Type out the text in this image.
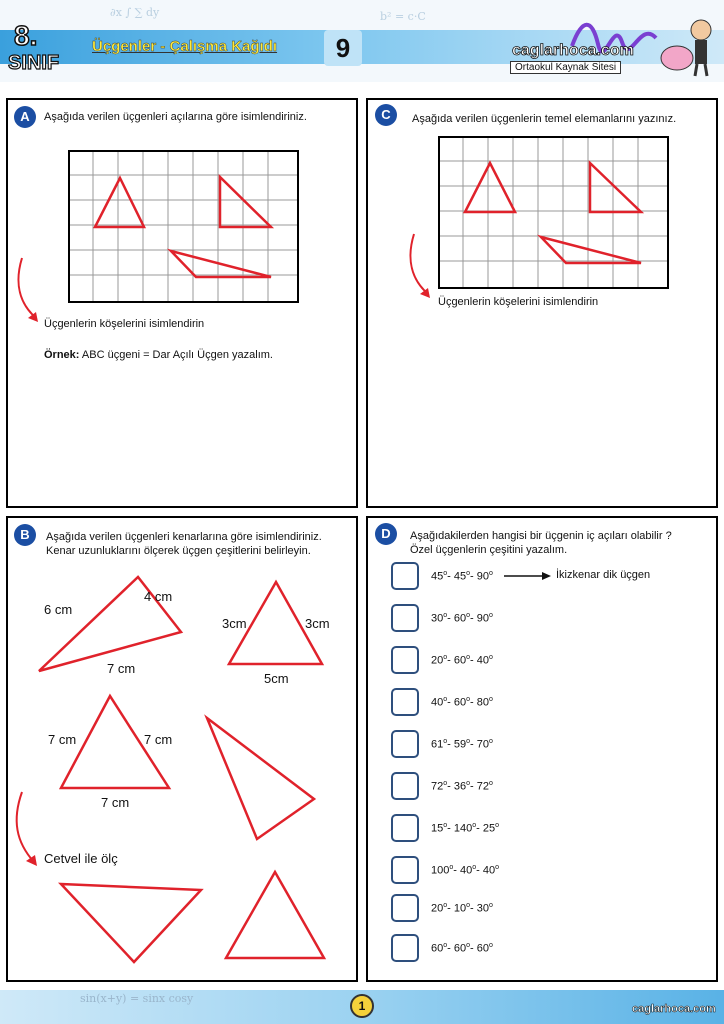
∂x ∫ ∑ dy	b² = c·C
8.
SINIF
Üçgenler - Çalışma Kağıdı	9	caglarhoca.com
Ortaokul Kaynak Sitesi
A	Aşağıda verilen üçgenleri açılarına göre isimlendiriniz.
Üçgenlerin köşelerini isimlendirin
Örnek: ABC üçgeni = Dar Açılı Üçgen yazalım.
C	Aşağıda verilen üçgenlerin temel elemanlarını yazınız.
Üçgenlerin köşelerini isimlendirin
B	Aşağıda verilen üçgenleri kenarlarına göre isimlendiriniz.
Kenar uzunluklarını ölçerek üçgen çeşitlerini belirleyin.
6 cm
4 cm
7 cm
3cm	3cm
5cm
7 cm	7 cm
7 cm
Cetvel ile ölç
D	Aşağıdakilerden hangisi bir üçgenin iç açıları olabilir ?
Özel üçgenlerin çeşitini yazalım.
45$^o$- 45$^o$- 90$^o$
30$^o$- 60$^o$- 90$^o$
20$^o$- 60$^o$- 40$^o$
40$^o$- 60$^o$- 80$^o$
61$^o$- 59$^o$- 70$^o$
72$^o$- 36$^o$- 72$^o$
15$^o$- 140$^o$- 25$^o$
100$^o$- 40$^o$- 40$^o$
20$^o$- 10$^o$- 30$^o$
60$^o$- 60$^o$- 60$^o$
İkizkenar dik üçgen
sin(x+y) = sinx cosy
1	caglarhoca.com
